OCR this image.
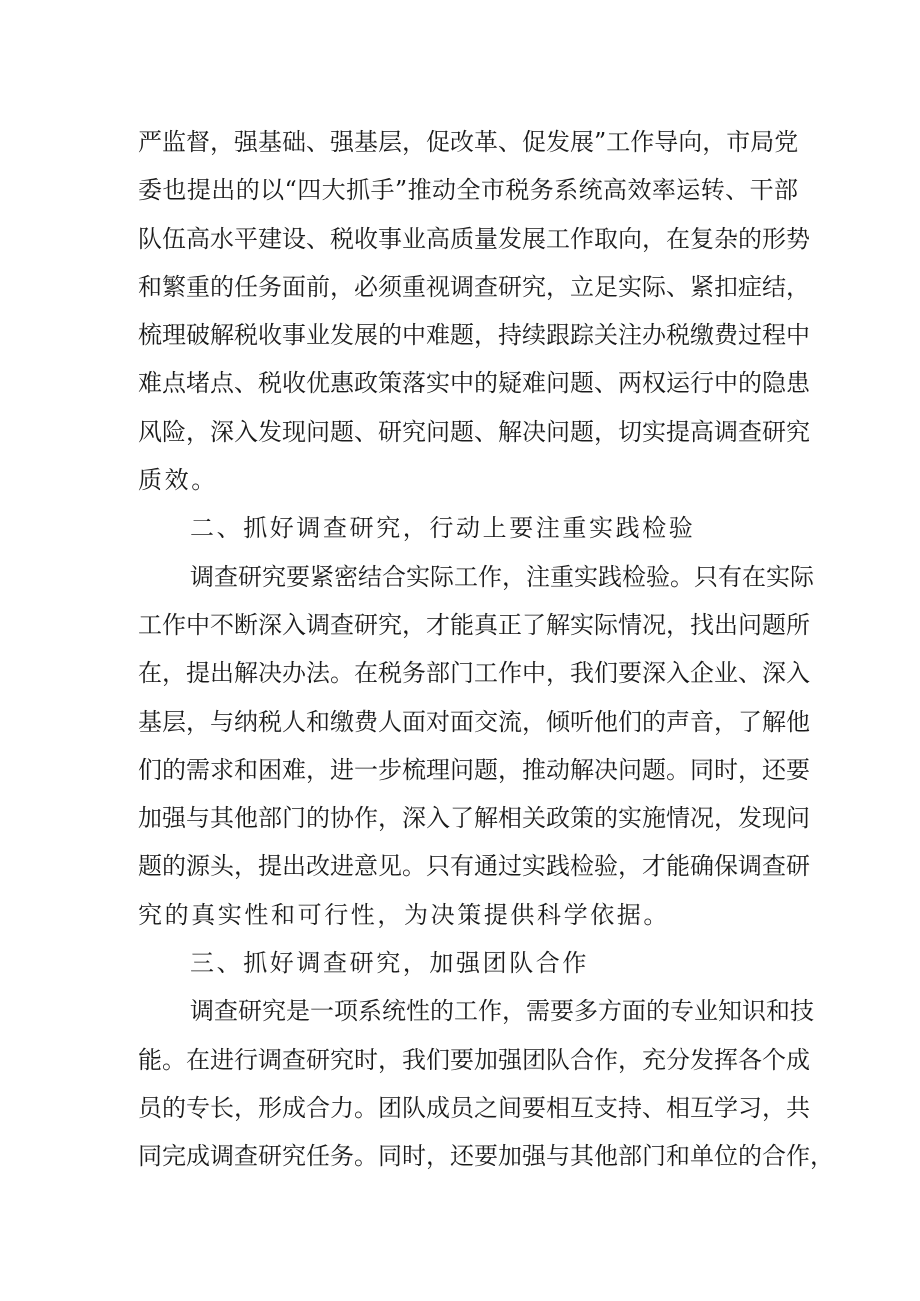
严监督，强基础、强基层，促改革、促发展”工作导向，市局党
委也提出的以“四大抓手”推动全市税务系统高效率运转、干部
队伍高水平建设、税收事业高质量发展工作取向，在复杂的形势
和繁重的任务面前，必须重视调查研究，立足实际、紧扣症结，
梳理破解税收事业发展的中难题，持续跟踪关注办税缴费过程中
难点堵点、税收优惠政策落实中的疑难问题、两权运行中的隐患
风险，深入发现问题、研究问题、解决问题，切实提高调查研究
质效。
二、抓好调查研究，行动上要注重实践检验
调查研究要紧密结合实际工作，注重实践检验。只有在实际
工作中不断深入调查研究，才能真正了解实际情况，找出问题所
在，提出解决办法。在税务部门工作中，我们要深入企业、深入
基层，与纳税人和缴费人面对面交流，倾听他们的声音，了解他
们的需求和困难，进一步梳理问题，推动解决问题。同时，还要
加强与其他部门的协作，深入了解相关政策的实施情况，发现问
题的源头，提出改进意见。只有通过实践检验，才能确保调查研
究的真实性和可行性，为决策提供科学依据。
三、抓好调查研究，加强团队合作
调查研究是一项系统性的工作，需要多方面的专业知识和技
能。在进行调查研究时，我们要加强团队合作，充分发挥各个成
员的专长，形成合力。团队成员之间要相互支持、相互学习，共
同完成调查研究任务。同时，还要加强与其他部门和单位的合作，
